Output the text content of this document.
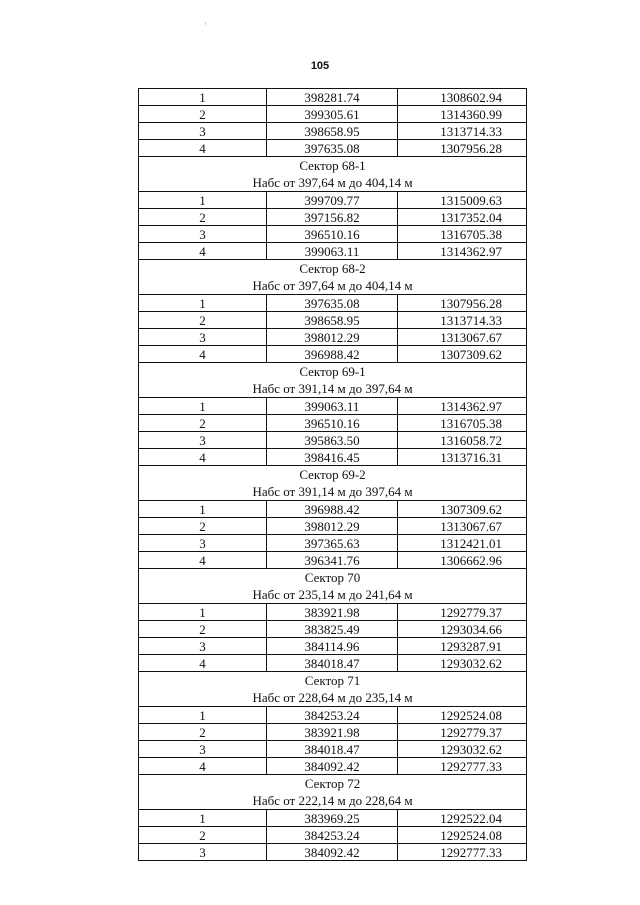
105
1	398281.74	1308602.94
2	399305.61	1314360.99
3	398658.95	1313714.33
4	397635.08	1307956.28

Сектор 68-1
Набс от 397,64 м до 404,14 м		

1	399709.77	1315009.63
2	397156.82	1317352.04
3	396510.16	1316705.38
4	399063.11	1314362.97

Сектор 68-2
Набс от 397,64 м до 404,14 м		

1	397635.08	1307956.28
2	398658.95	1313714.33
3	398012.29	1313067.67
4	396988.42	1307309.62

Сектор 69-1
Набс от 391,14 м до 397,64 м		

1	399063.11	1314362.97
2	396510.16	1316705.38
3	395863.50	1316058.72
4	398416.45	1313716.31

Сектор 69-2
Набс от 391,14 м до 397,64 м		

1	396988.42	1307309.62
2	398012.29	1313067.67
3	397365.63	1312421.01
4	396341.76	1306662.96

Сектор 70
Набс от 235,14 м до 241,64 м		

1	383921.98	1292779.37
2	383825.49	1293034.66
3	384114.96	1293287.91
4	384018.47	1293032.62

Сектор 71
Набс от 228,64 м до 235,14 м		

1	384253.24	1292524.08
2	383921.98	1292779.37
3	384018.47	1293032.62
4	384092.42	1292777.33

Сектор 72
Набс от 222,14 м до 228,64 м		

1	383969.25	1292522.04
2	384253.24	1292524.08
3	384092.42	1292777.33
